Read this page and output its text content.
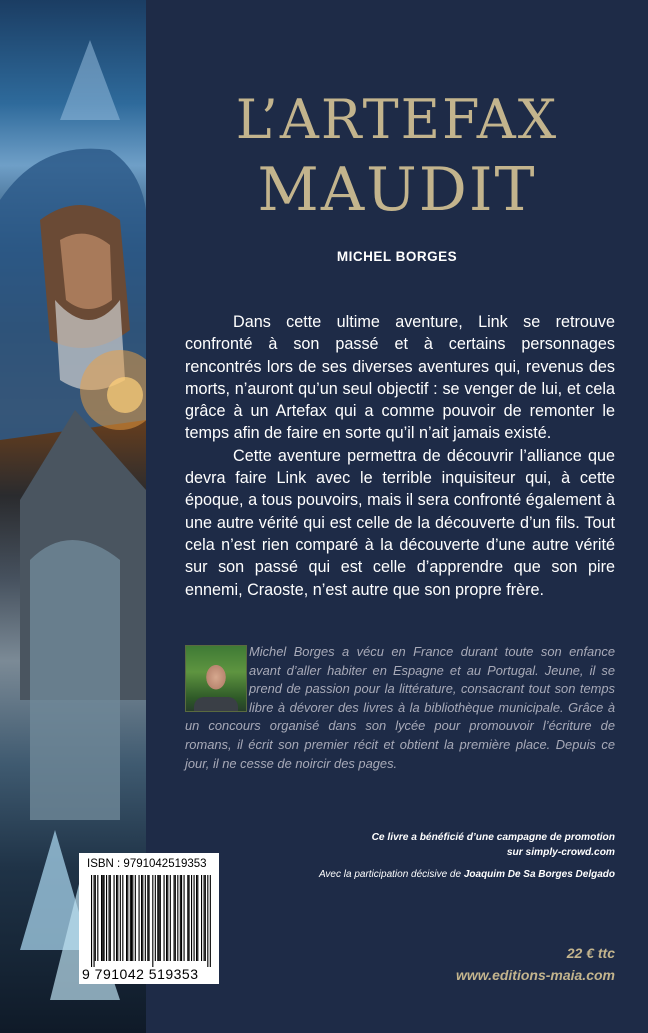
L’ARTEFAX
MAUDIT

MICHEL BORGES

Dans cette ultime aventure, Link se retrouve confronté à son passé et à certains personnages rencontrés lors de ses diverses aventures qui, revenus des morts, n’auront qu’un seul objectif : se venger de lui, et cela grâce à un Artefax qui a comme pouvoir de remonter le temps afin de faire en sorte qu’il n’ait jamais existé.

Cette aventure permettra de découvrir l’alliance que devra faire Link avec le terrible inquisiteur qui, à cette époque, a tous pouvoirs, mais il sera confronté également à une autre vérité qui est celle de la découverte d’un fils. Tout cela n’est rien comparé à la découverte d’une autre vérité sur son passé qui est celle d’apprendre que son pire ennemi, Craoste, n’est autre que son propre frère.

Michel Borges a vécu en France durant toute son enfance avant d’aller habiter en Espagne et au Portugal. Jeune, il se prend de passion pour la littérature, consacrant tout son temps libre à dévorer des livres à la bibliothèque municipale. Grâce à un concours organisé dans son lycée pour promouvoir l’écriture de romans, il écrit son premier récit et obtient la première place. Depuis ce jour, il ne cesse de noircir des pages.
Ce livre a bénéficié d’une campagne de promotion
sur simply-crowd.com

Avec la participation décisive de Joaquim De Sa Borges Delgado

ISBN : 9791042519353
9 791042 519353

22 € ttc

www.editions-maia.com
